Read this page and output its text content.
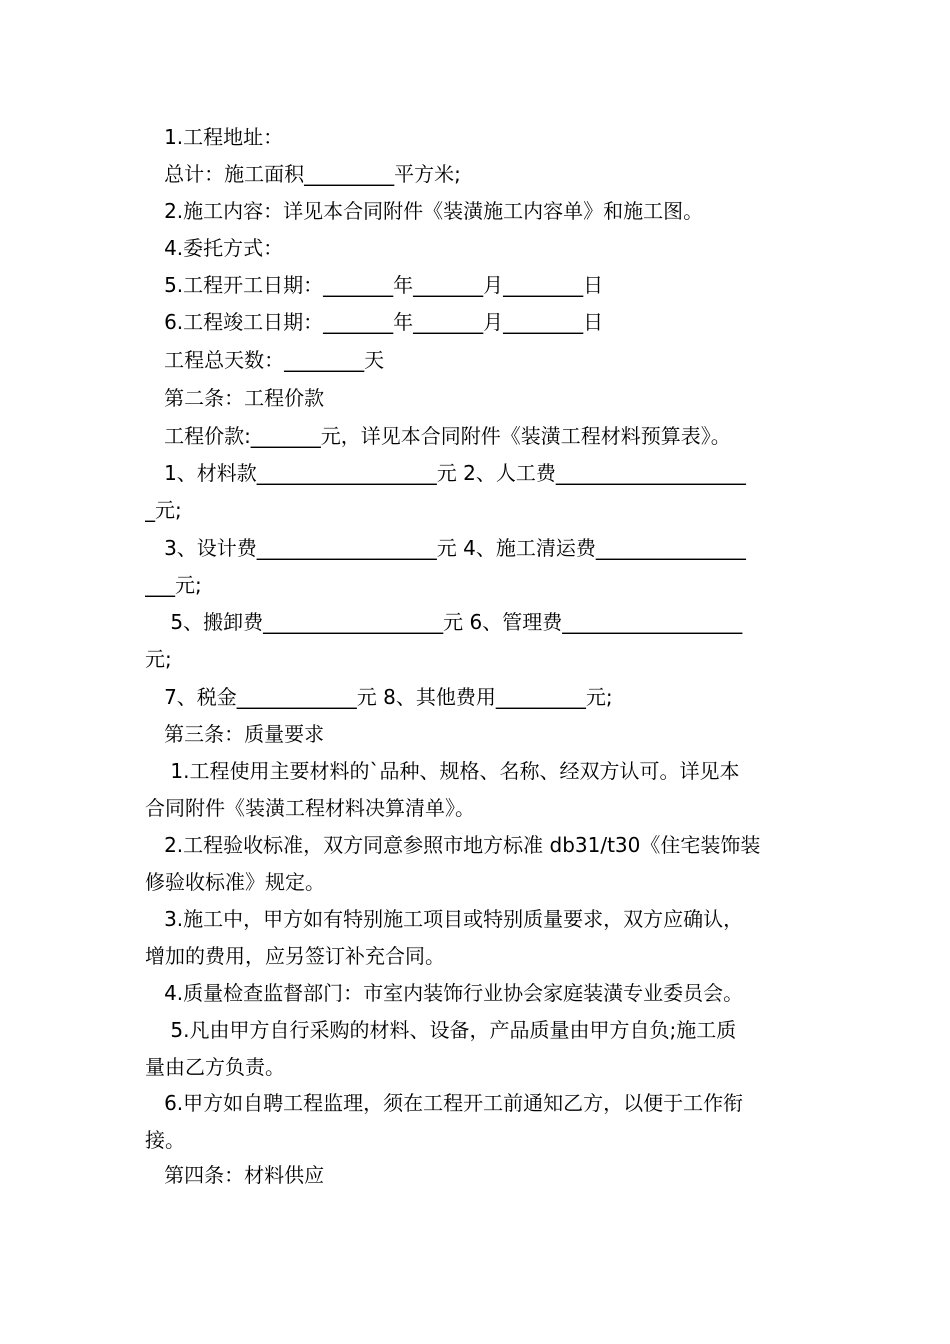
1.工程地址：
总计：施工面积_________平方米;
2.施工内容：详见本合同附件《装潢施工内容单》和施工图。
4.委托方式：
5.工程开工日期：_______年_______月________日
6.工程竣工日期：_______年_______月________日
工程总天数：________天
第二条：工程价款
工程价款:_______元，详见本合同附件《装潢工程材料预算表》。
1、材料款__________________元 2、人工费___________________
_元;
3、设计费__________________元 4、施工清运费_______________
___元;
5、搬卸费__________________元 6、管理费__________________
元;
7、税金____________元 8、其他费用_________元;
第三条：质量要求
1.工程使用主要材料的`品种、规格、名称、经双方认可。详见本
合同附件《装潢工程材料决算清单》。
2.工程验收标准，双方同意参照市地方标准 db31/t30《住宅装饰装
修验收标准》规定。
3.施工中，甲方如有特别施工项目或特别质量要求，双方应确认，
增加的费用，应另签订补充合同。
4.质量检查监督部门：市室内装饰行业协会家庭装潢专业委员会。
5.凡由甲方自行采购的材料、设备，产品质量由甲方自负;施工质
量由乙方负责。
6.甲方如自聘工程监理，须在工程开工前通知乙方，以便于工作衔
接。
第四条：材料供应
